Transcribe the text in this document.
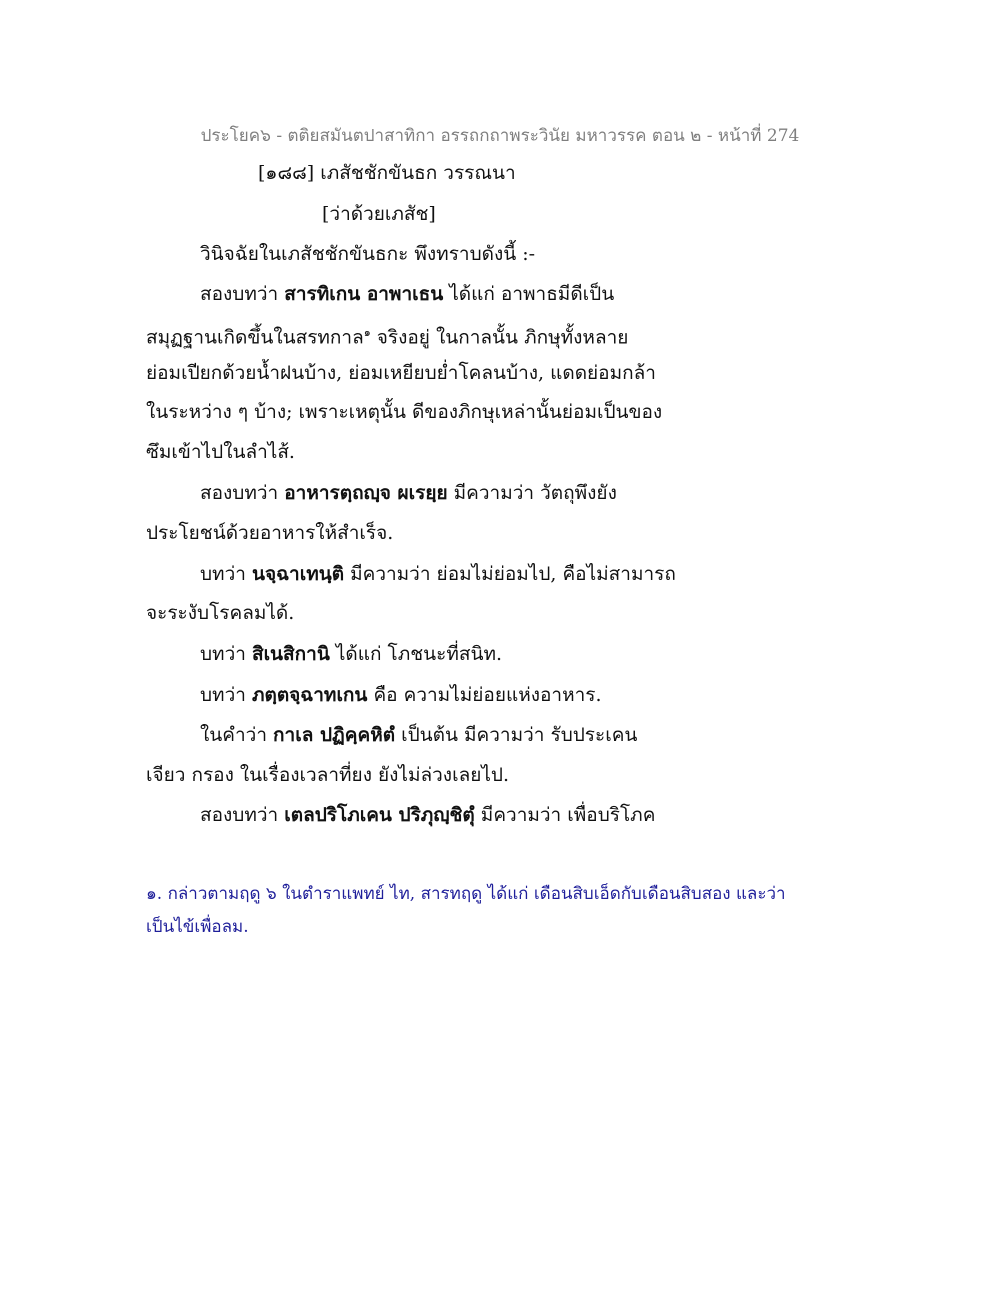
ประโยค๖ - ตติยสมันตปาสาทิกา อรรถกถาพระวินัย มหาวรรค ตอน ๒ - หน้าที่ 274
[๑๘๘] เภสัชชักขันธก วรรณนา
[ว่าด้วยเภสัช]
วินิจฉัยในเภสัชชักขันธกะ พึงทราบดังนี้ :-
สองบทว่า สารทิเกน อาพาเธน ได้แก่ อาพาธมีดีเป็น
สมุฏฐานเกิดขึ้นในสรทกาล$^๑$ จริงอยู่ ในกาลนั้น ภิกษุทั้งหลาย
ย่อมเปียกด้วยน้ำฝนบ้าง, ย่อมเหยียบย่ำโคลนบ้าง, แดดย่อมกล้า
ในระหว่าง ๆ บ้าง; เพราะเหตุนั้น ดีของภิกษุเหล่านั้นย่อมเป็นของ
ซึมเข้าไปในลำไส้.
สองบทว่า อาหารตฺถญฺจ ผเรยฺย มีความว่า วัตถุพึงยัง
ประโยชน์ด้วยอาหารให้สำเร็จ.
บทว่า นจฺฉาเทนฺติ มีความว่า ย่อมไม่ย่อมไป, คือไม่สามารถ
จะระงับโรคลมได้.
บทว่า สิเนสิกานิ ได้แก่ โภชนะที่สนิท.
บทว่า ภตฺตจฺฉาทเกน คือ ความไม่ย่อยแห่งอาหาร.
ในคำว่า กาเล ปฏิคฺคหิตํ เป็นต้น มีความว่า รับประเคน
เจียว กรอง ในเรื่องเวลาที่ยง ยังไม่ล่วงเลยไป.
สองบทว่า เตลปริโภเคน ปริภุญฺชิตุํ มีความว่า เพื่อบริโภค
๑. กล่าวตามฤดู ๖ ในตำราแพทย์ ไท, สารทฤดู ได้แก่ เดือนสิบเอ็ดกับเดือนสิบสอง และว่า
เป็นไข้เพื่อลม.
